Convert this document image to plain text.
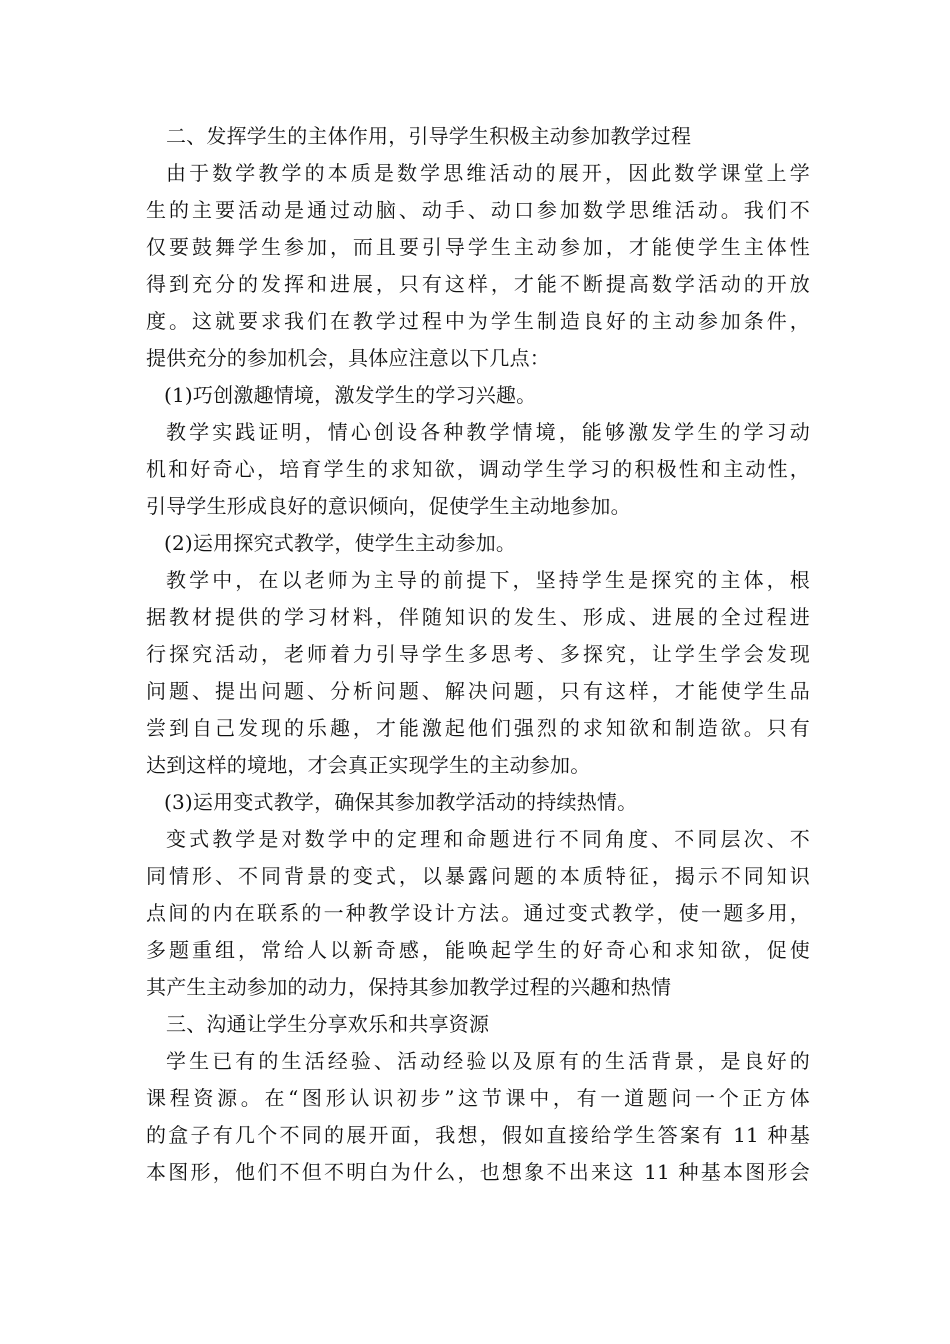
二、发挥学生的主体作用，引导学生积极主动参加教学过程
由于数学教学的本质是数学思维活动的展开，因此数学课堂上学
生的主要活动是通过动脑、动手、动口参加数学思维活动。我们不
仅要鼓舞学生参加，而且要引导学生主动参加，才能使学生主体性
得到充分的发挥和进展，只有这样，才能不断提高数学活动的开放
度。这就要求我们在教学过程中为学生制造良好的主动参加条件，
提供充分的参加机会，具体应注意以下几点：
(1)巧创激趣情境，激发学生的学习兴趣。
教学实践证明，情心创设各种教学情境，能够激发学生的学习动
机和好奇心，培育学生的求知欲，调动学生学习的积极性和主动性，
引导学生形成良好的意识倾向，促使学生主动地参加。
(2)运用探究式教学，使学生主动参加。
教学中，在以老师为主导的前提下，坚持学生是探究的主体，根
据教材提供的学习材料，伴随知识的发生、形成、进展的全过程进
行探究活动，老师着力引导学生多思考、多探究，让学生学会发现
问题、提出问题、分析问题、解决问题，只有这样，才能使学生品
尝到自己发现的乐趣，才能激起他们强烈的求知欲和制造欲。只有
达到这样的境地，才会真正实现学生的主动参加。
(3)运用变式教学，确保其参加教学活动的持续热情。
变式教学是对数学中的定理和命题进行不同角度、不同层次、不
同情形、不同背景的变式，以暴露问题的本质特征，揭示不同知识
点间的内在联系的一种教学设计方法。通过变式教学，使一题多用，
多题重组，常给人以新奇感，能唤起学生的好奇心和求知欲，促使
其产生主动参加的动力，保持其参加教学过程的兴趣和热情
三、沟通让学生分享欢乐和共享资源
学生已有的生活经验、活动经验以及原有的生活背景，是良好的
课程资源。在“图形认识初步”这节课中，有一道题问一个正方体
的盒子有几个不同的展开面，我想，假如直接给学生答案有 11 种基
本图形，他们不但不明白为什么，也想象不出来这 11 种基本图形会
